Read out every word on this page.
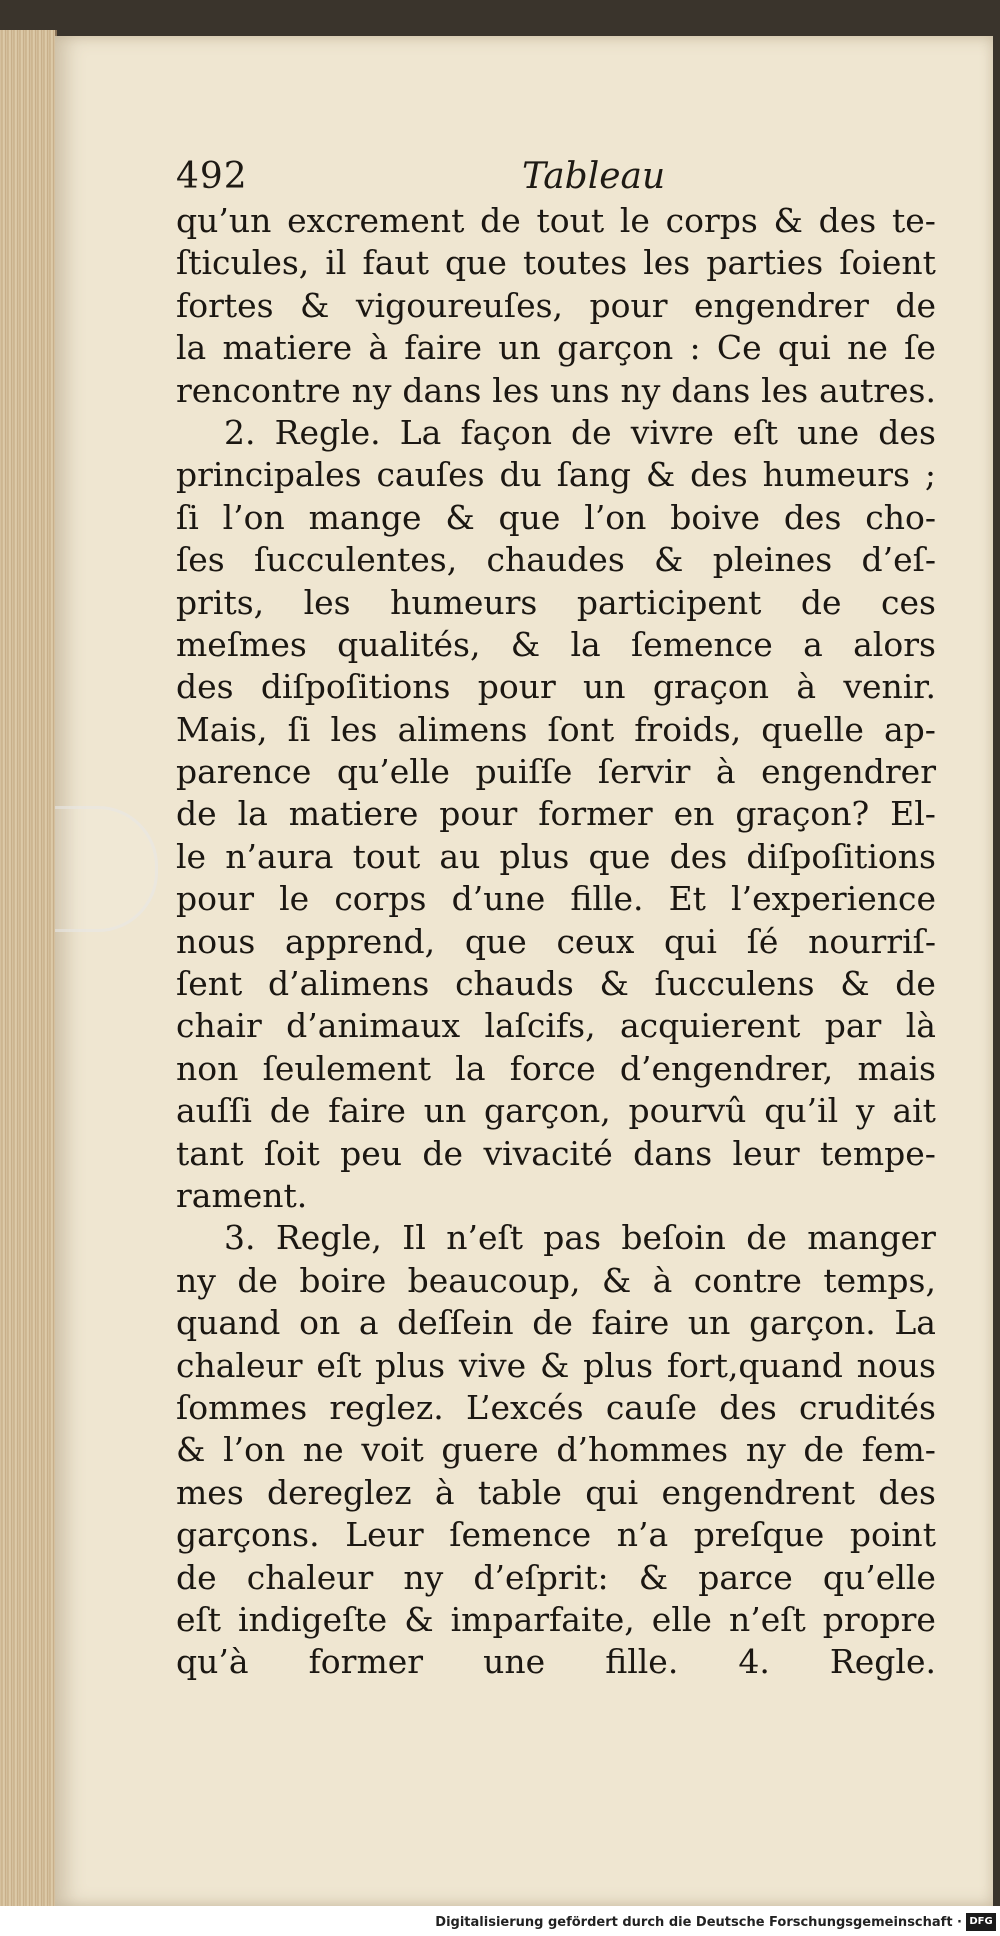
492	Tableau
qu’un excrement de tout le corps & des te-
ſticules, il faut que toutes les parties ſoient
fortes & vigoureuſes, pour engendrer de
la matiere à faire un garçon : Ce qui ne ſe
rencontre ny dans les uns ny dans les autres.
2. Regle. La façon de vivre eſt une des
principales cauſes du ſang & des humeurs ;
ſi l’on mange & que l’on boive des cho-
ſes ſucculentes, chaudes & pleines d’eſ-
prits, les humeurs participent de ces
meſmes qualités, & la ſemence a alors
des diſpoſitions pour un graçon à venir.
Mais, ſi les alimens ſont froids, quelle ap-
parence qu’elle puiſſe ſervir à engendrer
de la matiere pour former en graçon? El-
le n’aura tout au plus que des diſpoſitions
pour le corps d’une fille. Et l’experience
nous apprend, que ceux qui ſé nourriſ-
ſent d’alimens chauds & ſucculens & de
chair d’animaux laſcifs, acquierent par là
non ſeulement la force d’engendrer, mais
auſſi de faire un garçon, pourvû qu’il y ait
tant ſoit peu de vivacité dans leur tempe-
rament.
3. Regle, Il n’eſt pas beſoin de manger
ny de boire beaucoup, & à contre temps,
quand on a deſſein de faire un garçon. La
chaleur eſt plus vive & plus fort,quand nous
ſommes reglez. L’excés cauſe des crudités
& l’on ne voit guere d’hommes ny de fem-
mes dereglez à table qui engendrent des
garçons. Leur ſemence n’a preſque point
de chaleur ny d’eſprit: & parce qu’elle
eſt indigeſte & imparfaite, elle n’eſt propre
qu’à former une fille. 4. Regle.
Digitalisierung gefördert durch die Deutsche Forschungsgemeinschaft · DFG
